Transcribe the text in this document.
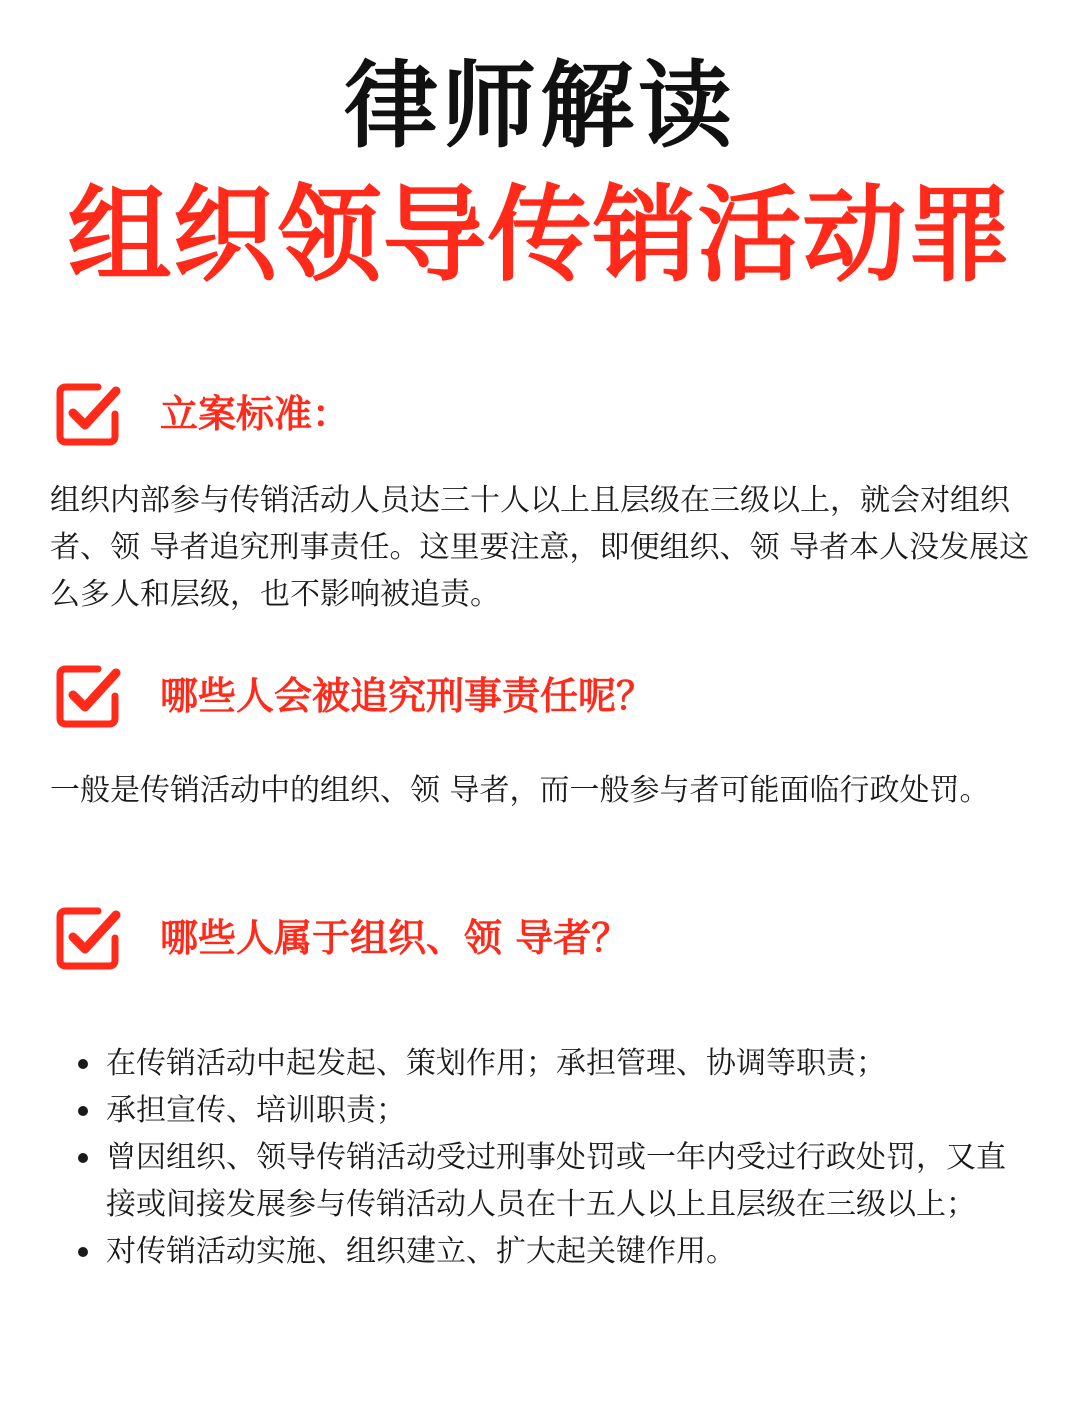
律师解读
组织领导传销活动罪
立案标准：

组织内部参与传销活动人员达三十人以上且层级在三级以上，就会对组织者、领 导者追究刑事责任。这里要注意，即便组织、领 导者本人没发展这么多人和层级，也不影响被追责。

哪些人会被追究刑事责任呢？

一般是传销活动中的组织、领 导者，而一般参与者可能面临行政处罚。

哪些人属于组织、领 导者？
在传销活动中起发起、策划作用；承担管理、协调等职责；
承担宣传、培训职责；
曾因组织、领导传销活动受过刑事处罚或一年内受过行政处罚，又直接或间接发展参与传销活动人员在十五人以上且层级在三级以上；
对传销活动实施、组织建立、扩大起关键作用。
